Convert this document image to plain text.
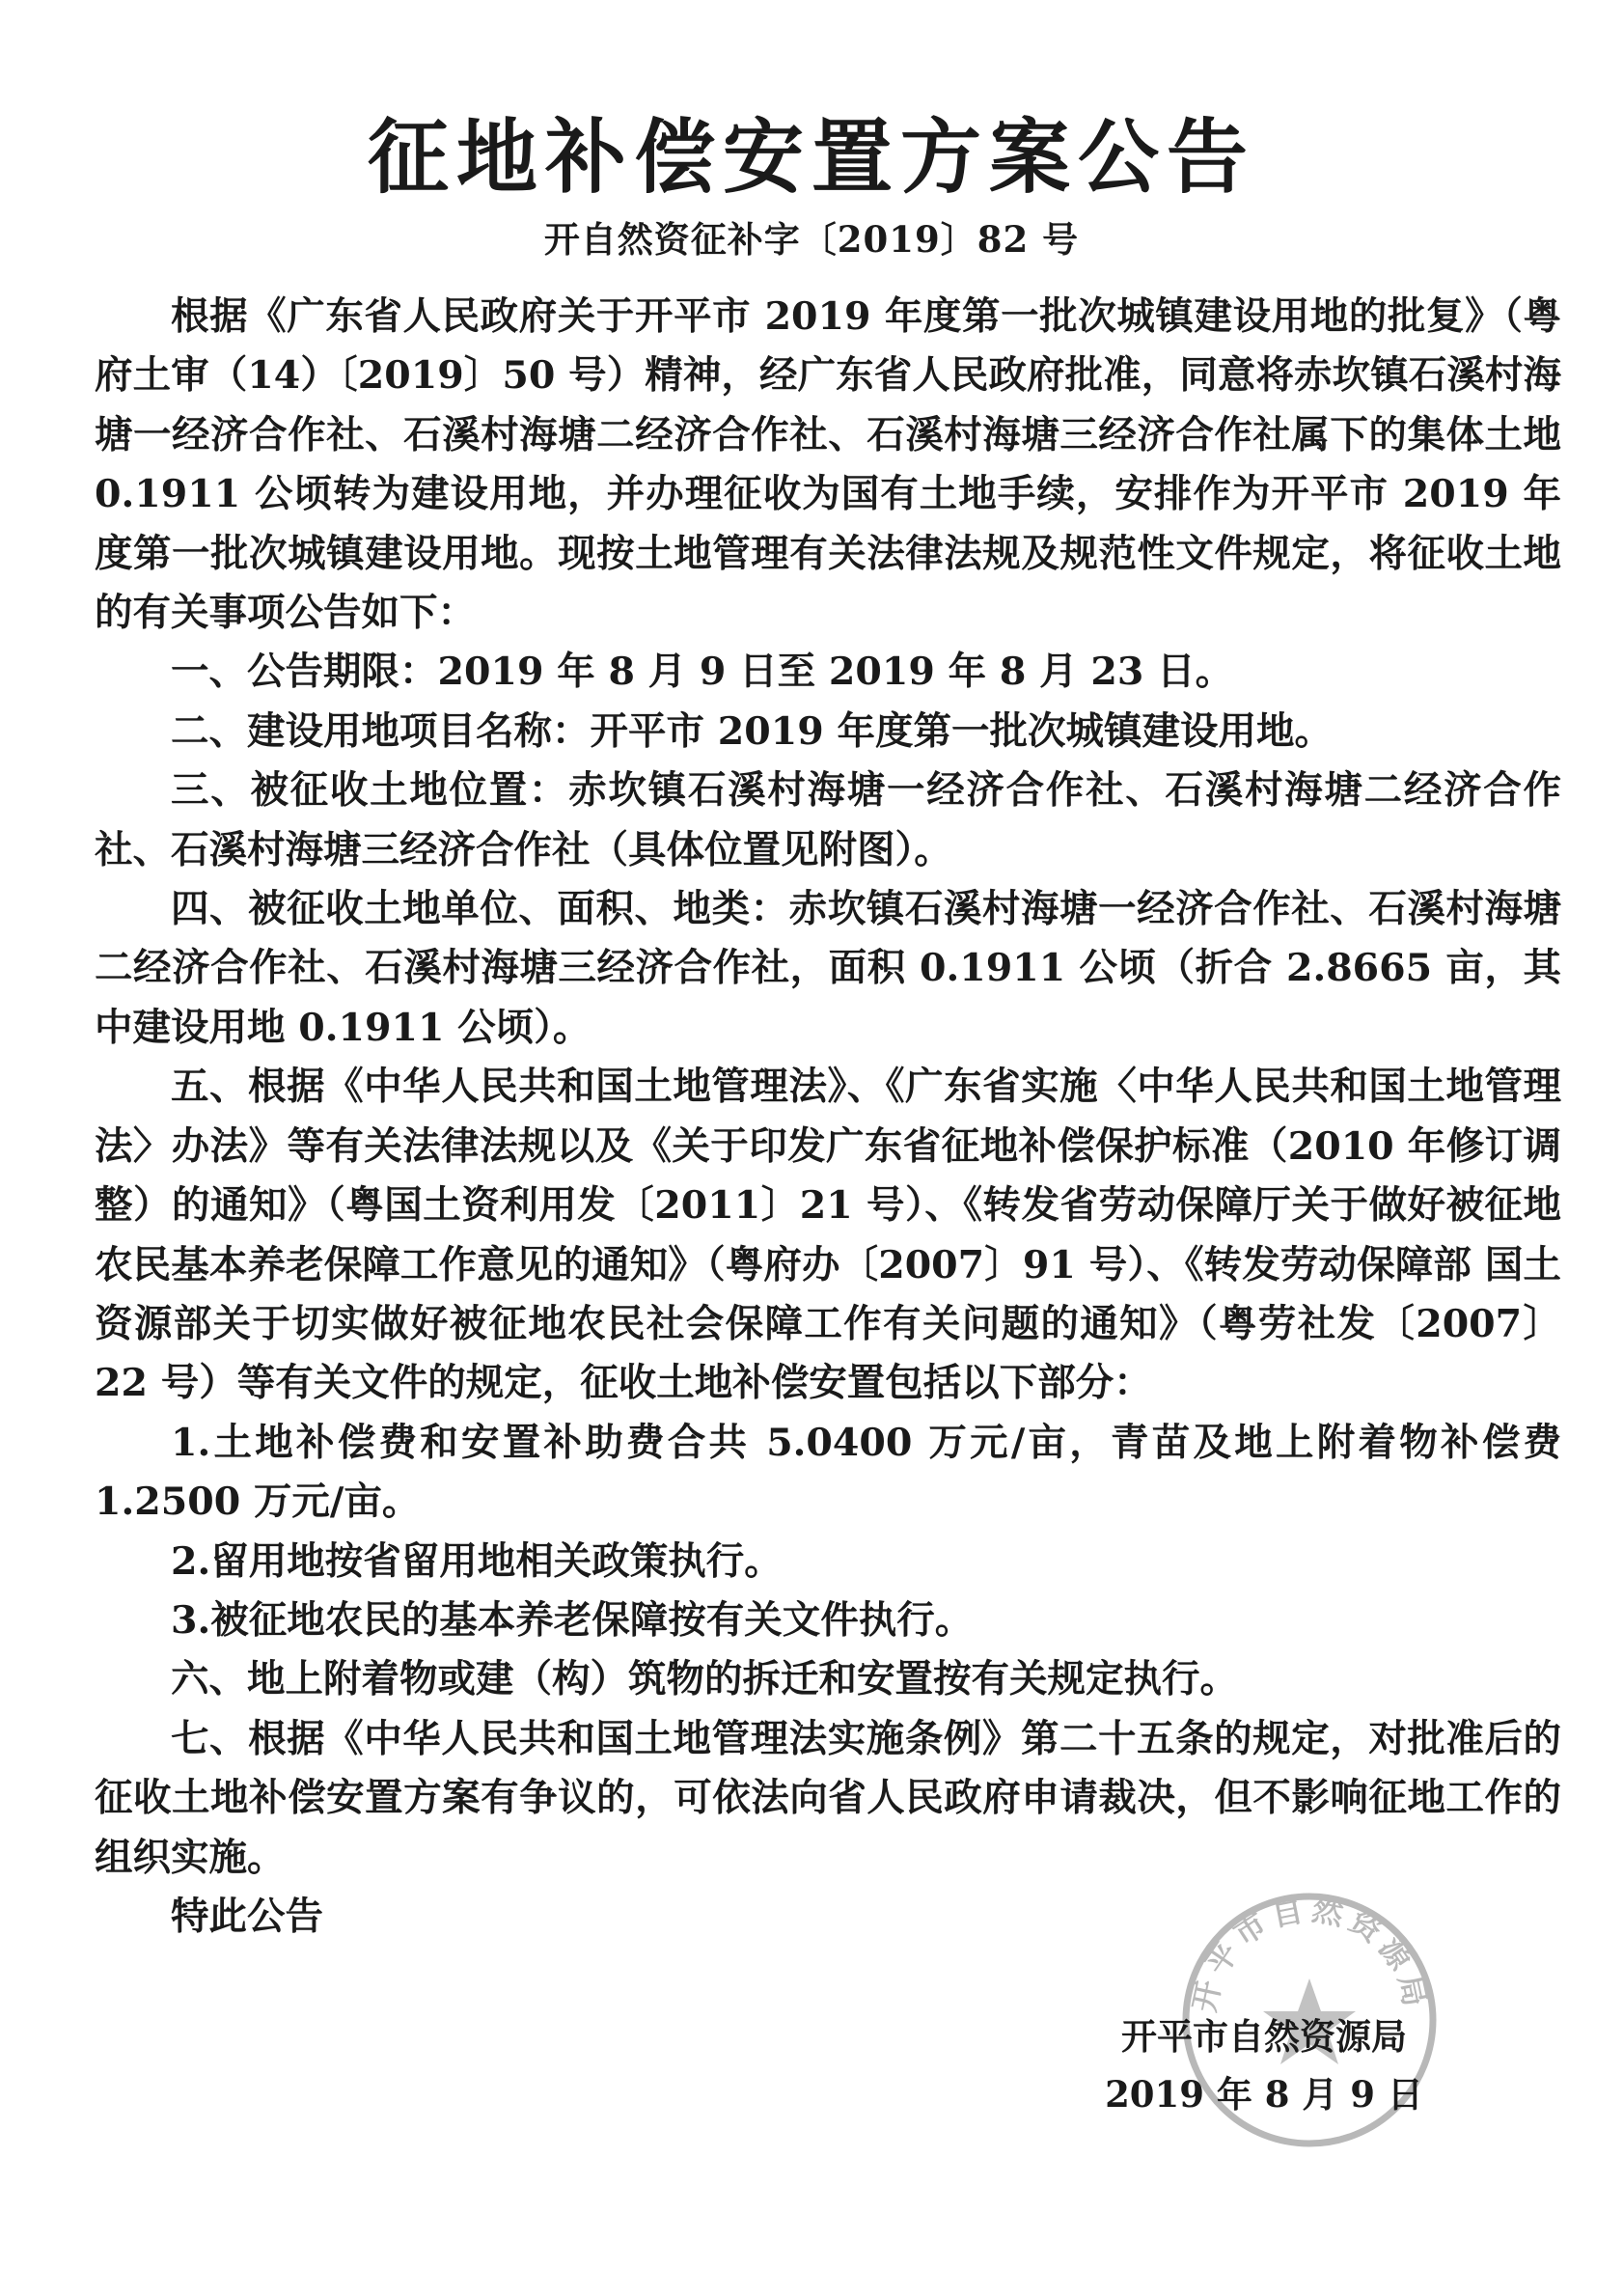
征地补偿安置方案公告
开自然资征补字〔2019〕82 号

根据《广东省人民政府关于开平市 2019 年度第一批次城镇建设用地的批复》（粤府土审（14）〔2019〕50 号）精神，经广东省人民政府批准，同意将赤坎镇石溪村海塘一经济合作社、石溪村海塘二经济合作社、石溪村海塘三经济合作社属下的集体土地 0.1911 公顷转为建设用地，并办理征收为国有土地手续，安排作为开平市 2019 年度第一批次城镇建设用地。现按土地管理有关法律法规及规范性文件规定，将征收土地的有关事项公告如下：

一、公告期限：2019 年 8 月 9 日至 2019 年 8 月 23 日。

二、建设用地项目名称：开平市 2019 年度第一批次城镇建设用地。

三、被征收土地位置：赤坎镇石溪村海塘一经济合作社、石溪村海塘二经济合作社、石溪村海塘三经济合作社（具体位置见附图）。

四、被征收土地单位、面积、地类：赤坎镇石溪村海塘一经济合作社、石溪村海塘二经济合作社、石溪村海塘三经济合作社，面积 0.1911 公顷（折合 2.8665 亩，其中建设用地 0.1911 公顷）。

五、根据《中华人民共和国土地管理法》、《广东省实施〈中华人民共和国土地管理法〉办法》等有关法律法规以及《关于印发广东省征地补偿保护标准（2010 年修订调整）的通知》（粤国土资利用发〔2011〕21 号）、《转发省劳动保障厅关于做好被征地农民基本养老保障工作意见的通知》（粤府办〔2007〕91 号）、《转发劳动保障部 国土资源部关于切实做好被征地农民社会保障工作有关问题的通知》（粤劳社发〔2007〕22 号）等有关文件的规定，征收土地补偿安置包括以下部分：

1.土地补偿费和安置补助费合共 5.0400 万元/亩，青苗及地上附着物补偿费 1.2500 万元/亩。

2.留用地按省留用地相关政策执行。

3.被征地农民的基本养老保障按有关文件执行。

六、地上附着物或建（构）筑物的拆迁和安置按有关规定执行。

七、根据《中华人民共和国土地管理法实施条例》第二十五条的规定，对批准后的征收土地补偿安置方案有争议的，可依法向省人民政府申请裁决，但不影响征地工作的组织实施。

特此公告

开平市自然资源局
开平市自然资源局
2019 年 8 月 9 日
